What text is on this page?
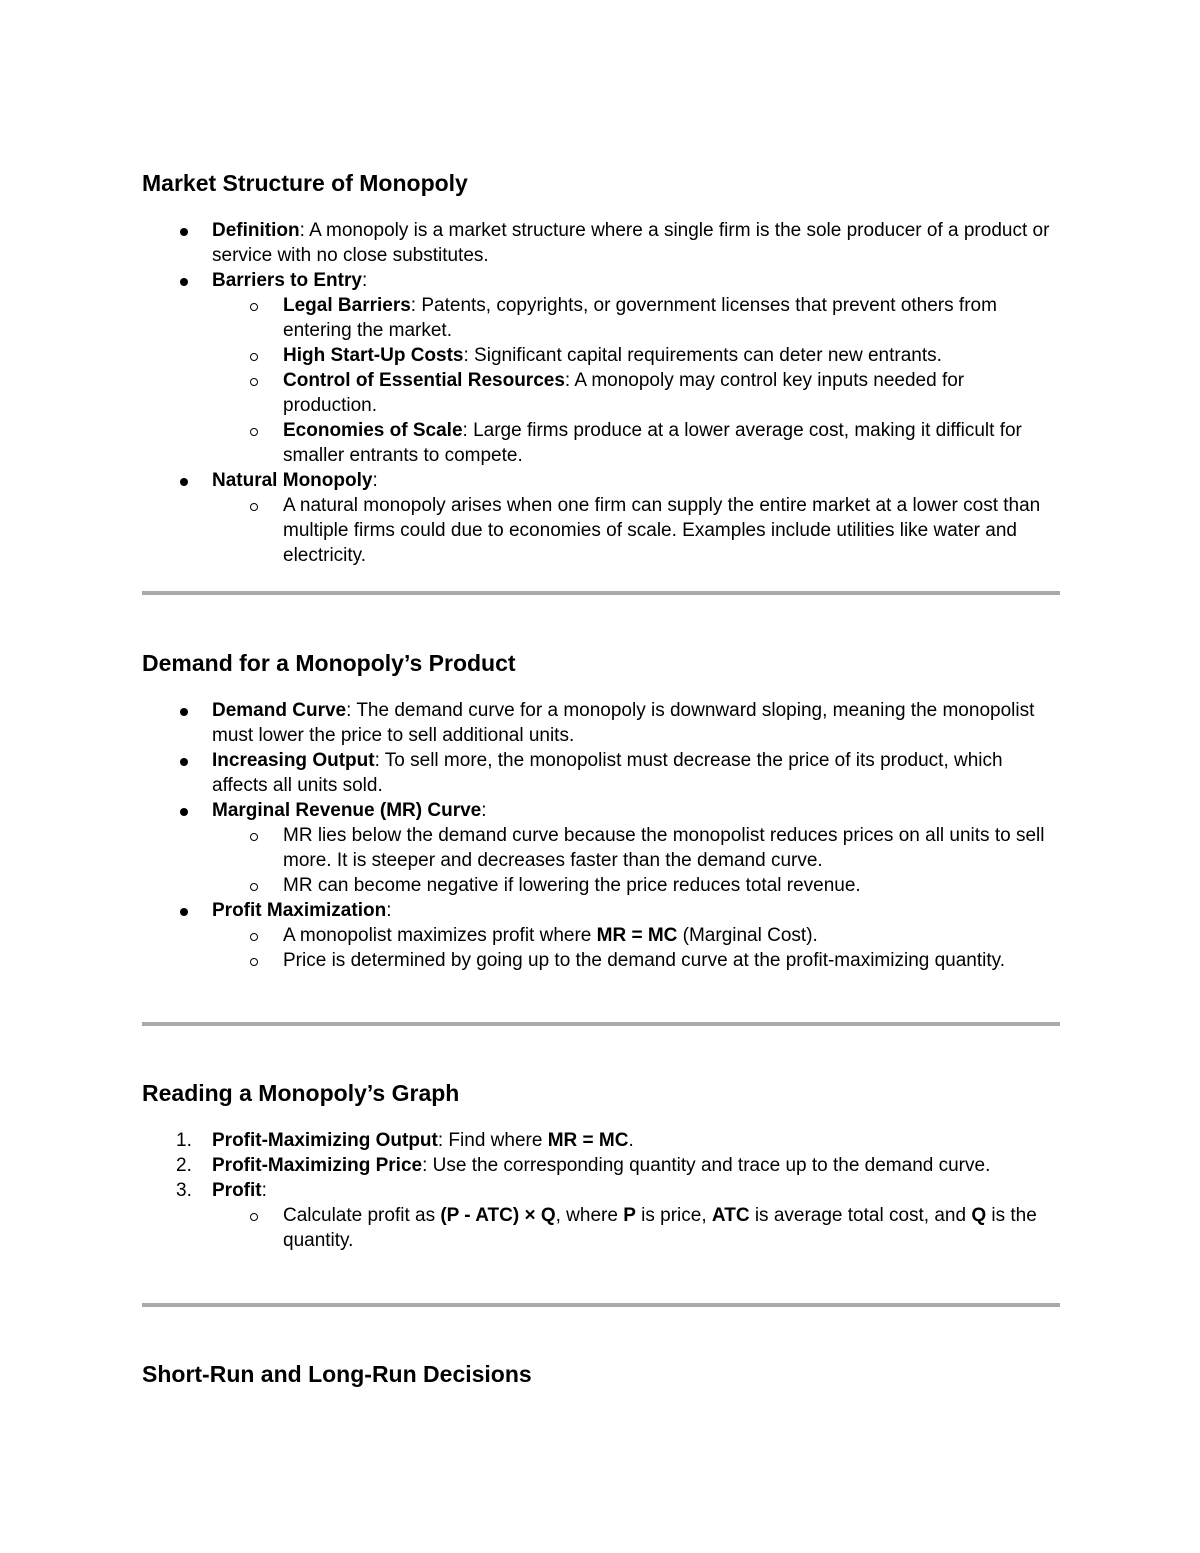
Market Structure of Monopoly
Definition: A monopoly is a market structure where a single firm is the sole producer of a product or service with no close substitutes.
Barriers to Entry:
Legal Barriers: Patents, copyrights, or government licenses that prevent others from entering the market.
High Start-Up Costs: Significant capital requirements can deter new entrants.
Control of Essential Resources: A monopoly may control key inputs needed for production.
Economies of Scale: Large firms produce at a lower average cost, making it difficult for smaller entrants to compete.
Natural Monopoly:
A natural monopoly arises when one firm can supply the entire market at a lower cost than multiple firms could due to economies of scale. Examples include utilities like water and electricity.
Demand for a Monopoly’s Product
Demand Curve: The demand curve for a monopoly is downward sloping, meaning the monopolist must lower the price to sell additional units.
Increasing Output: To sell more, the monopolist must decrease the price of its product, which affects all units sold.
Marginal Revenue (MR) Curve:
MR lies below the demand curve because the monopolist reduces prices on all units to sell more. It is steeper and decreases faster than the demand curve.
MR can become negative if lowering the price reduces total revenue.
Profit Maximization:
A monopolist maximizes profit where MR = MC (Marginal Cost).
Price is determined by going up to the demand curve at the profit-maximizing quantity.
Reading a Monopoly’s Graph
1. Profit-Maximizing Output: Find where MR = MC.
2. Profit-Maximizing Price: Use the corresponding quantity and trace up to the demand curve.
3. Profit:
Calculate profit as (P - ATC) × Q, where P is price, ATC is average total cost, and Q is the quantity.
Short-Run and Long-Run Decisions
